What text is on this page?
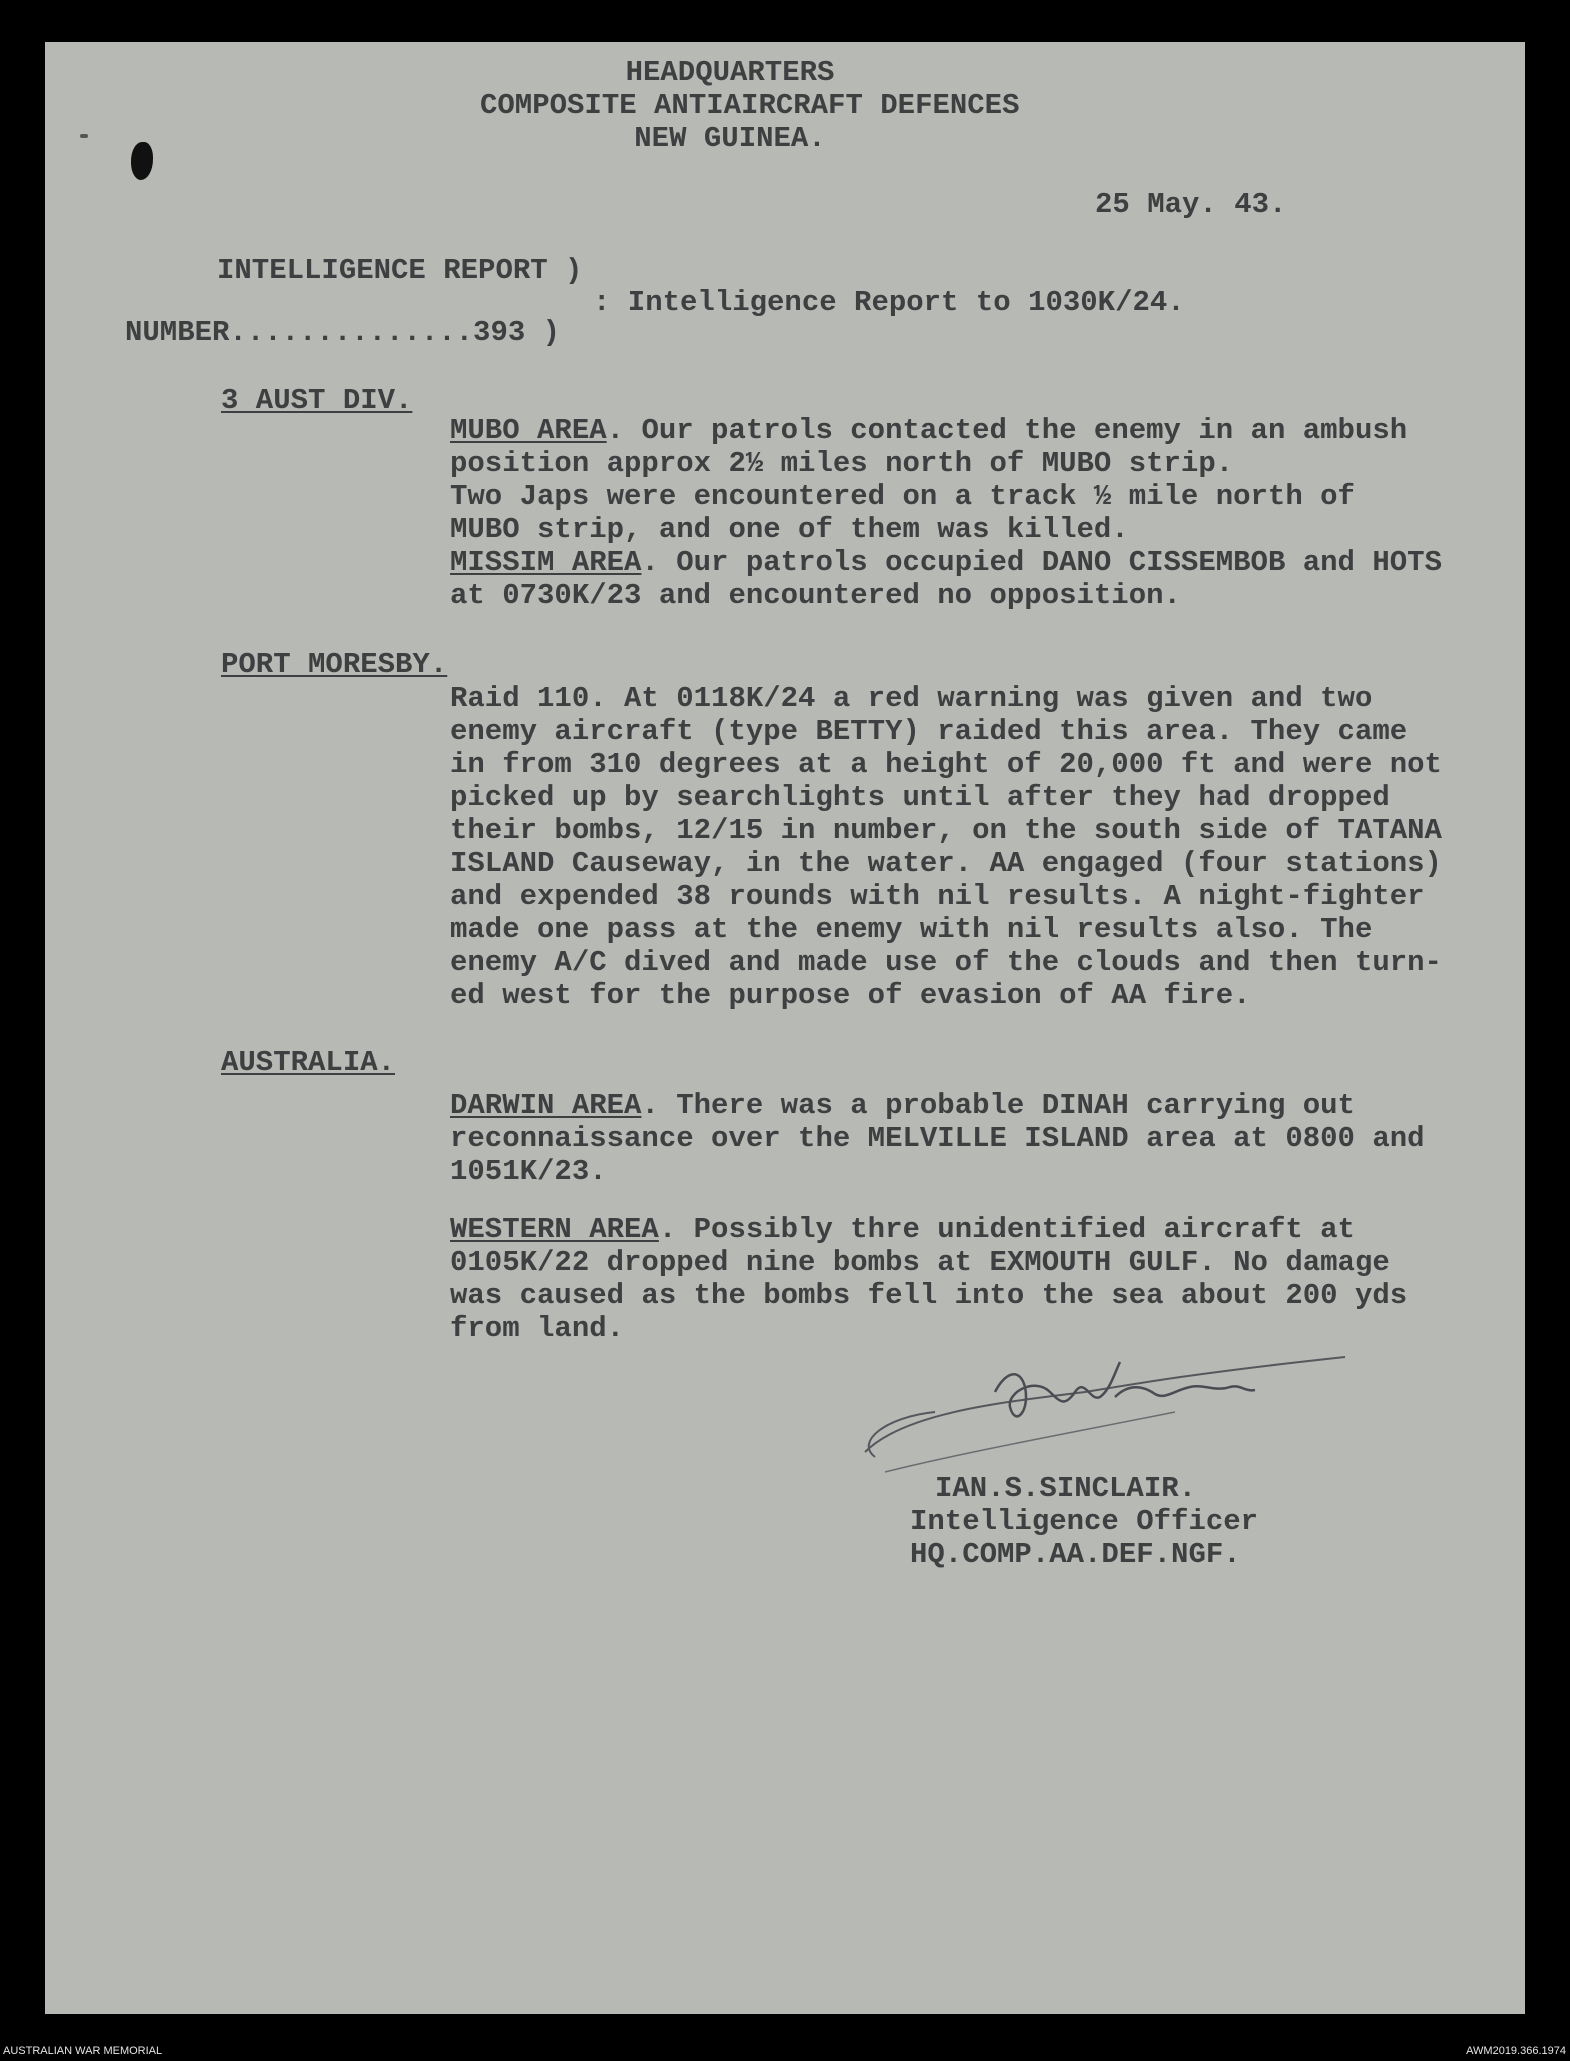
HEADQUARTERS
COMPOSITE ANTIAIRCRAFT DEFENCES
NEW GUINEA.
25 May. 43.
INTELLIGENCE REPORT )
NUMBER..............393 )
: Intelligence Report to 1030K/24.
3 AUST DIV.
MUBO AREA. Our patrols contacted the enemy in an ambush
position approx 2½ miles north of MUBO strip.
Two Japs were encountered on a track ½ mile north of
MUBO strip, and one of them was killed.
MISSIM AREA. Our patrols occupied DANO CISSEMBOB and HOTS
at 0730K/23 and encountered no opposition.
PORT MORESBY.
Raid 110. At 0118K/24 a red warning was given and two
enemy aircraft (type BETTY) raided this area. They came
in from 310 degrees at a height of 20,000 ft and were not
picked up by searchlights until after they had dropped
their bombs, 12/15 in number, on the south side of TATANA
ISLAND Causeway, in the water. AA engaged (four stations)
and expended 38 rounds with nil results. A night-fighter
made one pass at the enemy with nil results also. The
enemy A/C dived and made use of the clouds and then turn-
ed west for the purpose of evasion of AA fire.
AUSTRALIA.
DARWIN AREA. There was a probable DINAH carrying out
reconnaissance over the MELVILLE ISLAND area at 0800 and
1051K/23.
WESTERN AREA. Possibly thre unidentified aircraft at
0105K/22 dropped nine bombs at EXMOUTH GULF. No damage
was caused as the bombs fell into the sea about 200 yds
from land.
IAN.S.SINCLAIR.
Intelligence Officer
HQ.COMP.AA.DEF.NGF.
AUSTRALIAN WAR MEMORIAL	AWM2019.366.1974
